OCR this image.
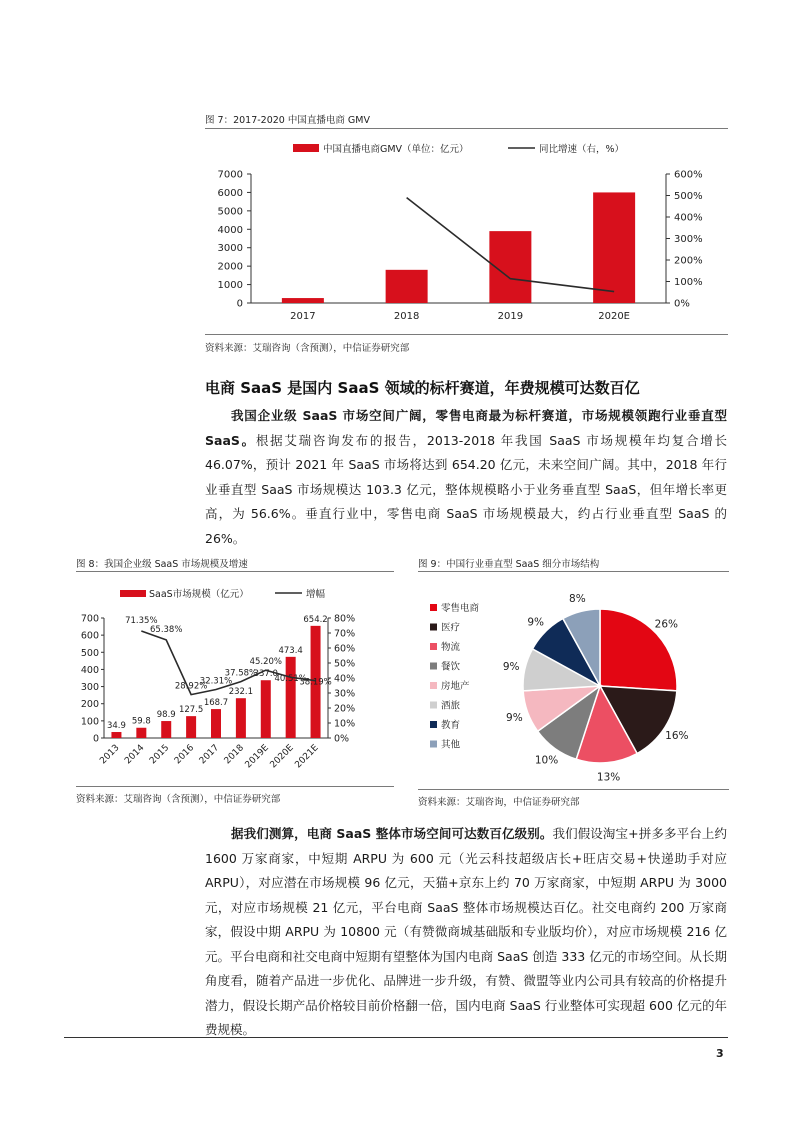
图 7：2017-2020 中国直播电商 GMV
中国直播电商GMV（单位：亿元）	同比增速（右，%）
0
1000
2000
3000
4000
5000
6000
7000
0%
100%
200%
300%
400%
500%
600%
2017	2018	2019	2020E
资料来源：艾瑞咨询（含预测），中信证券研究部
电商 SaaS 是国内 SaaS 领域的标杆赛道，年费规模可达数百亿
我国企业级 SaaS 市场空间广阔，零售电商最为标杆赛道，市场规模领跑行业垂直型 SaaS。根据艾瑞咨询发布的报告，2013-2018 年我国 SaaS 市场规模年均复合增长 46.07%，预计 2021 年 SaaS 市场将达到 654.20 亿元，未来空间广阔。其中，2018 年行业垂直型 SaaS 市场规模达 103.3 亿元，整体规模略小于业务垂直型 SaaS，但年增长率更高，为 56.6%。垂直行业中，零售电商 SaaS 市场规模最大，约占行业垂直型 SaaS 的 26%。
图 8：我国企业级 SaaS 市场规模及增速
SaaS市场规模（亿元）	增幅
0
100
200
300
400
500
600
700
0%
10%
20%
30%
40%
50%
60%
70%
80%
34.9
2013
59.8
2014
71.35%
98.9
2015
65.38%
127.5
2016
28.92%
168.7
2017
32.31%
232.1
2018
37.58%
337.0
2019E
45.20%
473.4
2020E
40.51%
654.2
2021E
38.19%
资料来源：艾瑞咨询（含预测），中信证券研究部
图 9：中国行业垂直型 SaaS 细分市场结构
零售电商
医疗
物流
餐饮
房地产
酒旅
教育
其他
26%
16%
13%
10%
9%
9%
9%
8%
资料来源：艾瑞咨询，中信证券研究部
据我们测算，电商 SaaS 整体市场空间可达数百亿级别。我们假设淘宝+拼多多平台上约 1600 万家商家，中短期 ARPU 为 600 元（光云科技超级店长+旺店交易+快递助手对应 ARPU），对应潜在市场规模 96 亿元，天猫+京东上约 70 万家商家，中短期 ARPU 为 3000 元，对应市场规模 21 亿元，平台电商 SaaS 整体市场规模达百亿。社交电商约 200 万家商家，假设中期 ARPU 为 10800 元（有赞微商城基础版和专业版均价），对应市场规模 216 亿元。平台电商和社交电商中短期有望整体为国内电商 SaaS 创造 333 亿元的市场空间。从长期角度看，随着产品进一步优化、品牌进一步升级，有赞、微盟等业内公司具有较高的价格提升潜力，假设长期产品价格较目前价格翻一倍，国内电商 SaaS 行业整体可实现超 600 亿元的年费规模。
3
